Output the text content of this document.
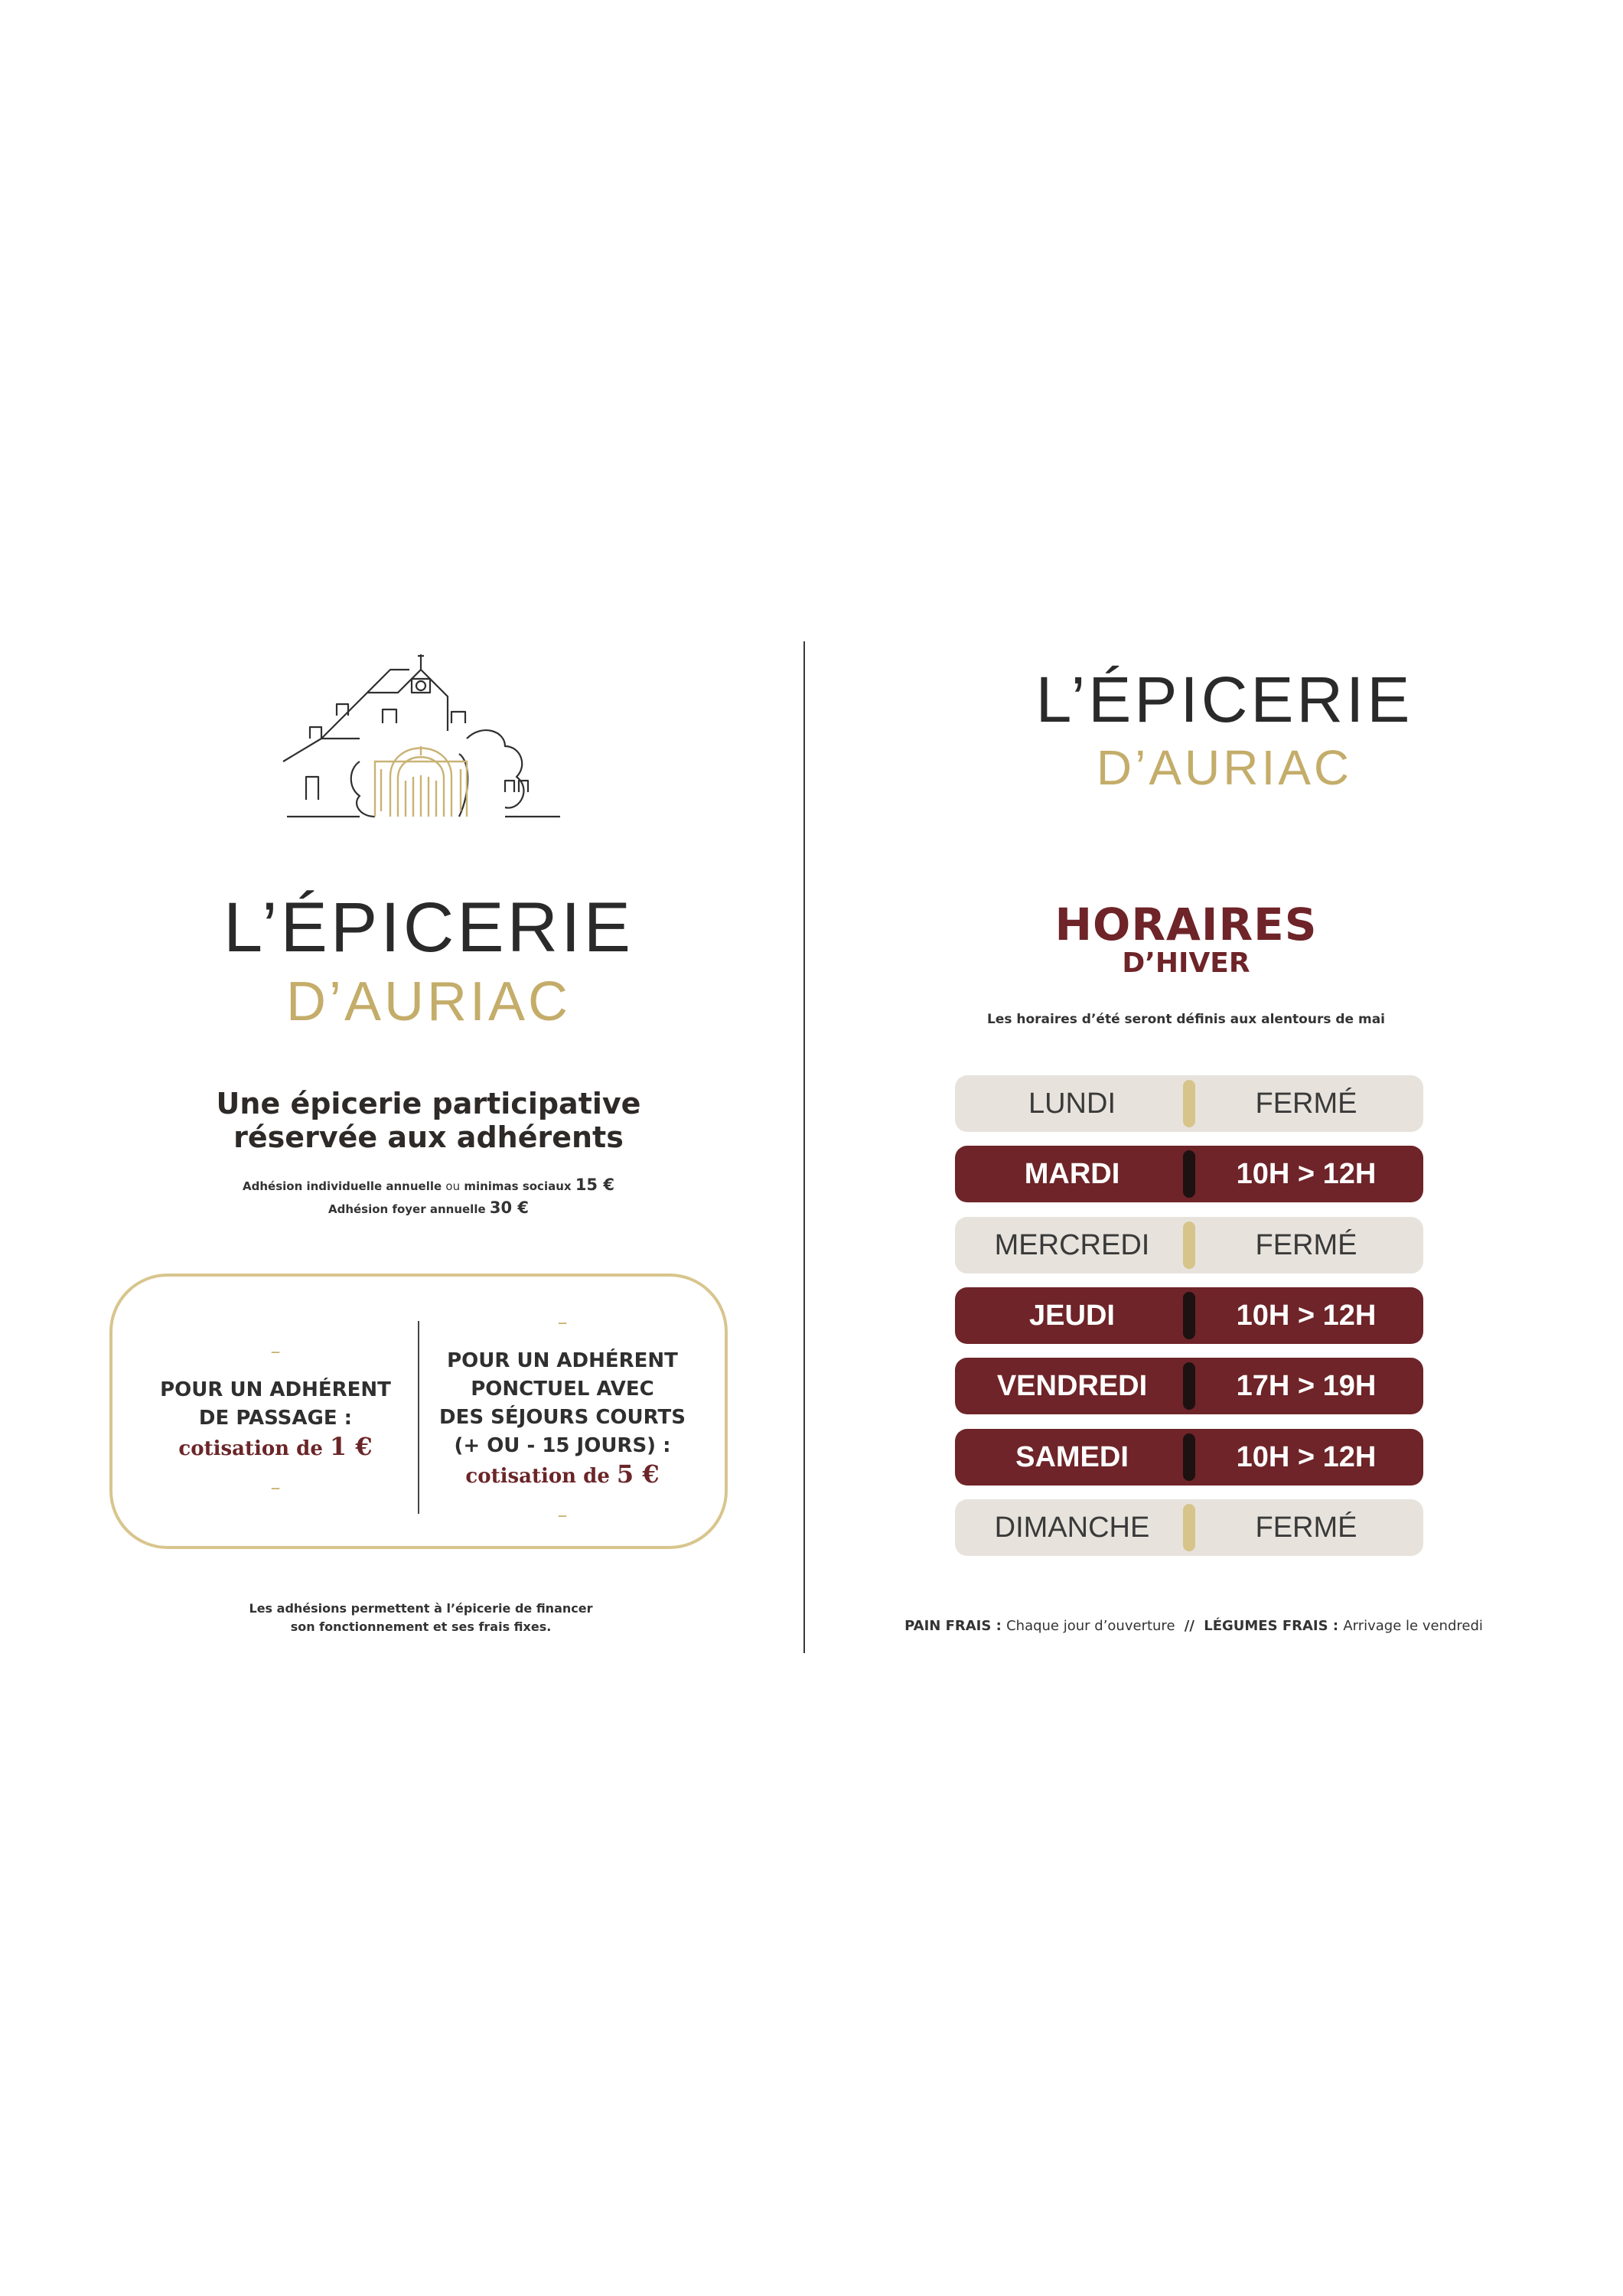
L’ÉPICERIE
D’AURIAC
Une épicerie participative
réservée aux adhérents
Adhésion individuelle annuelle ou minimas sociaux 15 €
Adhésion foyer annuelle 30 €
–
POUR UN ADHÉRENT
DE PASSAGE :
cotisation de 1 €
–
–
POUR UN ADHÉRENT
PONCTUEL AVEC
DES SÉJOURS COURTS
(+ OU - 15 JOURS) :
cotisation de 5 €
–
Les adhésions permettent à l’épicerie de financer
son fonctionnement et ses frais fixes.
L’ÉPICERIE
D’AURIAC
HORAIRES
D’HIVER
Les horaires d’été seront définis aux alentours de mai
LUNDI	FERMÉ
MARDI	10H > 12H
MERCREDI	FERMÉ
JEUDI	10H > 12H
VENDREDI	17H > 19H
SAMEDI	10H > 12H
DIMANCHE	FERMÉ
PAIN FRAIS : Chaque jour d’ouverture // LÉGUMES FRAIS : Arrivage le vendredi
